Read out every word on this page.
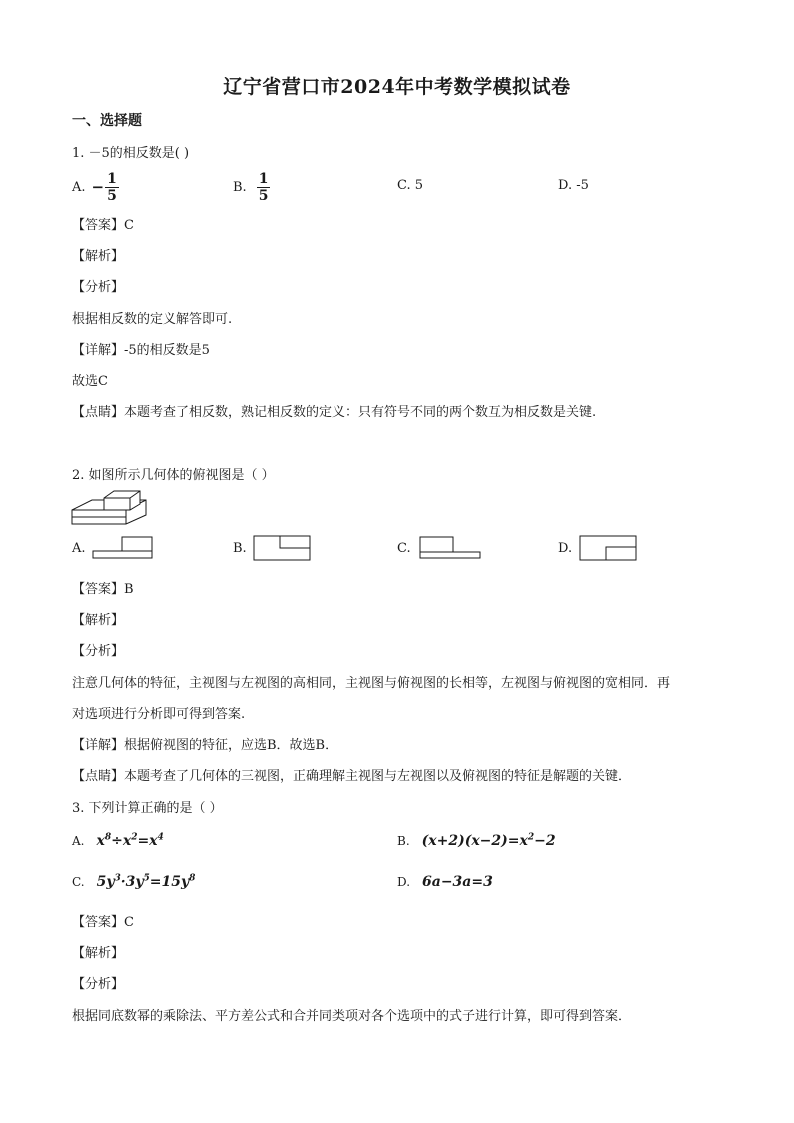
辽宁省营口市2024年中考数学模拟试卷
一、选择题
1. －5的相反数是( )
A. − $\frac{1}{5}$	B. $\frac{1}{5}$	C. 5	D. -5
【答案】C
【解析】
【分析】
根据相反数的定义解答即可.
【详解】-5的相反数是5
故选C
【点睛】本题考查了相反数，熟记相反数的定义：只有符号不同的两个数互为相反数是关键.
2. 如图所示几何体的俯视图是（ ）
A.	B.	C.	D.
【答案】B
【解析】
【分析】
注意几何体的特征，主视图与左视图的高相同，主视图与俯视图的长相等，左视图与俯视图的宽相同．再
对选项进行分析即可得到答案.
【详解】根据俯视图的特征，应选B．故选B．
【点睛】本题考查了几何体的三视图，正确理解主视图与左视图以及俯视图的特征是解题的关键．
3. 下列计算正确的是（ ）
A. $x^8\div x^2=x^4$	B. $(x+2)(x-2)=x^2-2$
C. $5y^3\cdot 3y^5=15y^8$	D. 6a−3a=3
【答案】C
【解析】
【分析】
根据同底数幂的乘除法、平方差公式和合并同类项对各个选项中的式子进行计算，即可得到答案．
